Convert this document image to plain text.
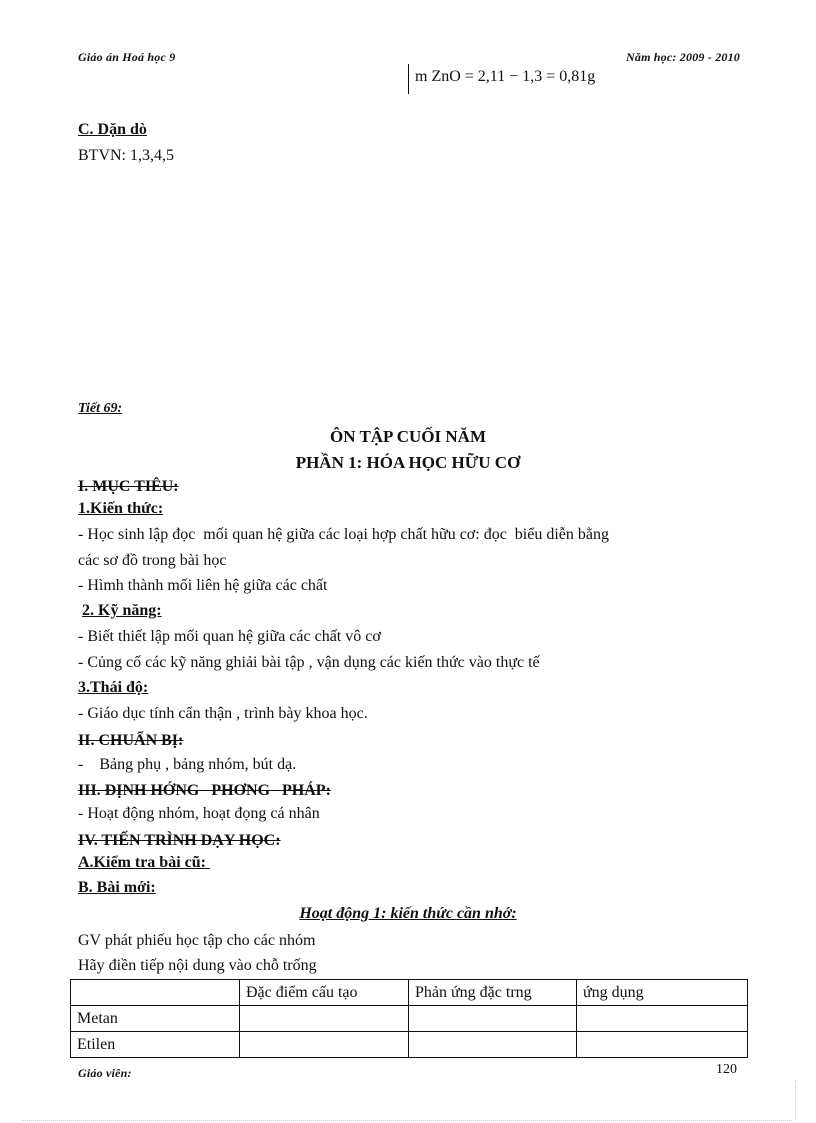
Giáo án Hoá học 9	Năm học: 2009 - 2010
m ZnO = 2,11 − 1,3 = 0,81g
C. Dặn dò
BTVN: 1,3,4,5
Tiết 69:
ÔN TẬP CUỐI NĂM
PHẦN 1: HÓA HỌC HỮU CƠ
I. MỤC TIÊU:
1.Kiến thức:
- Học sinh lập đọc  mối quan hệ giữa các loại hợp chất hữu cơ: đọc  biểu diễn bằng
các sơ đồ trong bài học
- Hìmh thành mối liên hệ giữa các chất
2. Kỹ năng:
- Biết thiết lập mối quan hệ giữa các chất vô cơ
- Củng cố các kỹ năng ghiải bài tập , vận dụng các kiến thức vào thực tế
3.Thái độ:
- Giáo dục tính cẩn thận , trình bày khoa học.
II. CHUẨN BỊ:
-    Bảng phụ , bảng nhóm, bút dạ.
III. ĐỊNH HỚNG   PHƠNG   PHÁP:
- Hoạt động nhóm, hoạt đọng cá nhân
IV. TIẾN TRÌNH DẠY HỌC:
A.Kiểm tra bài cũ:
B. Bài mới:
Hoạt động 1: kiến thức cần nhớ:
GV phát phiếu học tập cho các nhóm
Hãy điền tiếp nội dung vào chỗ trống
	Đặc điểm cấu tạo	Phản ứng đặc trng	ứng dụng
Metan			
Etilen			
Giáo viên:	120
